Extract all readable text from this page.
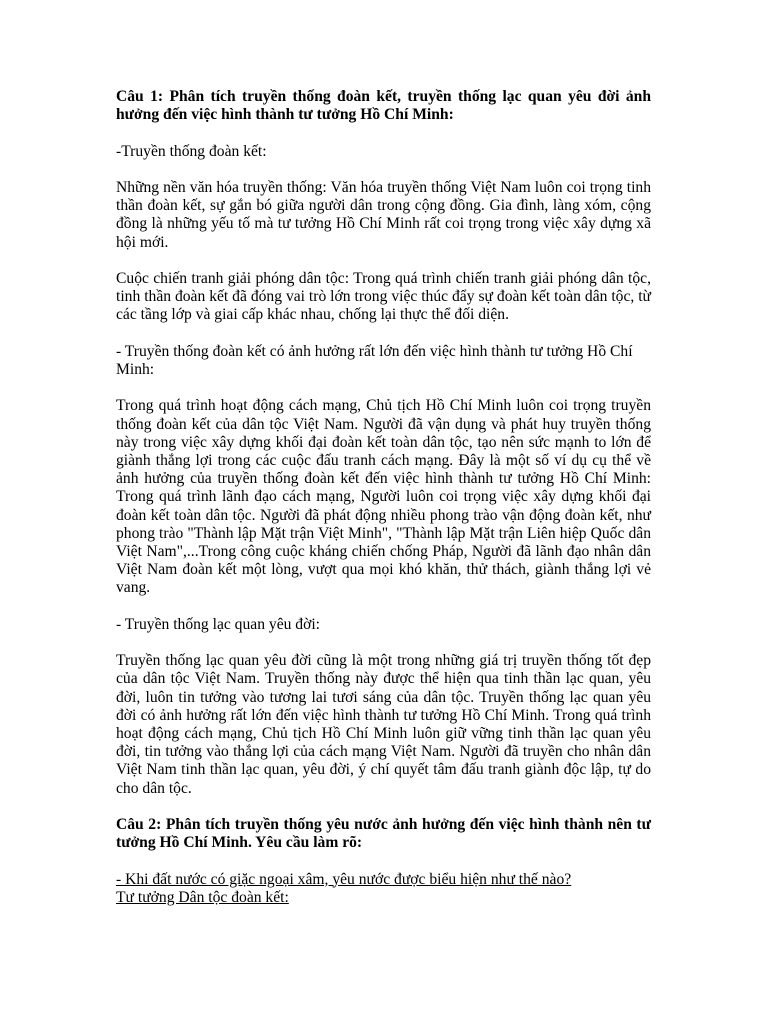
Câu 1: Phân tích truyền thống đoàn kết, truyền thống lạc quan yêu đời ảnh hưởng đến việc hình thành tư tưởng Hồ Chí Minh:

-Truyền thống đoàn kết:

Những nền văn hóa truyền thống: Văn hóa truyền thống Việt Nam luôn coi trọng tinh thần đoàn kết, sự gắn bó giữa người dân trong cộng đồng. Gia đình, làng xóm, cộng đồng là những yếu tố mà tư tưởng Hồ Chí Minh rất coi trọng trong việc xây dựng xã hội mới.

Cuộc chiến tranh giải phóng dân tộc: Trong quá trình chiến tranh giải phóng dân tộc, tinh thần đoàn kết đã đóng vai trò lớn trong việc thúc đẩy sự đoàn kết toàn dân tộc, từ các tầng lớp và giai cấp khác nhau, chống lại thực thể đối diện.

- Truyền thống đoàn kết có ảnh hưởng rất lớn đến việc hình thành tư tưởng Hồ Chí Minh:

Trong quá trình hoạt động cách mạng, Chủ tịch Hồ Chí Minh luôn coi trọng truyền thống đoàn kết của dân tộc Việt Nam. Người đã vận dụng và phát huy truyền thống này trong việc xây dựng khối đại đoàn kết toàn dân tộc, tạo nên sức mạnh to lớn để giành thắng lợi trong các cuộc đấu tranh cách mạng. Đây là một số ví dụ cụ thể về ảnh hưởng của truyền thống đoàn kết đến việc hình thành tư tưởng Hồ Chí Minh: Trong quá trình lãnh đạo cách mạng, Người luôn coi trọng việc xây dựng khối đại đoàn kết toàn dân tộc. Người đã phát động nhiều phong trào vận động đoàn kết, như phong trào "Thành lập Mặt trận Việt Minh", "Thành lập Mặt trận Liên hiệp Quốc dân Việt Nam",...Trong công cuộc kháng chiến chống Pháp, Người đã lãnh đạo nhân dân Việt Nam đoàn kết một lòng, vượt qua mọi khó khăn, thử thách, giành thắng lợi vẻ vang.

- Truyền thống lạc quan yêu đời:

Truyền thống lạc quan yêu đời cũng là một trong những giá trị truyền thống tốt đẹp của dân tộc Việt Nam. Truyền thống này được thể hiện qua tinh thần lạc quan, yêu đời, luôn tin tưởng vào tương lai tươi sáng của dân tộc. Truyền thống lạc quan yêu đời có ảnh hưởng rất lớn đến việc hình thành tư tưởng Hồ Chí Minh. Trong quá trình hoạt động cách mạng, Chủ tịch Hồ Chí Minh luôn giữ vững tinh thần lạc quan yêu đời, tin tưởng vào thắng lợi của cách mạng Việt Nam. Người đã truyền cho nhân dân Việt Nam tinh thần lạc quan, yêu đời, ý chí quyết tâm đấu tranh giành độc lập, tự do cho dân tộc.

Câu 2: Phân tích truyền thống yêu nước ảnh hưởng đến việc hình thành nên tư tưởng Hồ Chí Minh. Yêu cầu làm rõ:

- Khi đất nước có giặc ngoại xâm, yêu nước được biểu hiện như thế nào?

Tư tưởng Dân tộc đoàn kết:
